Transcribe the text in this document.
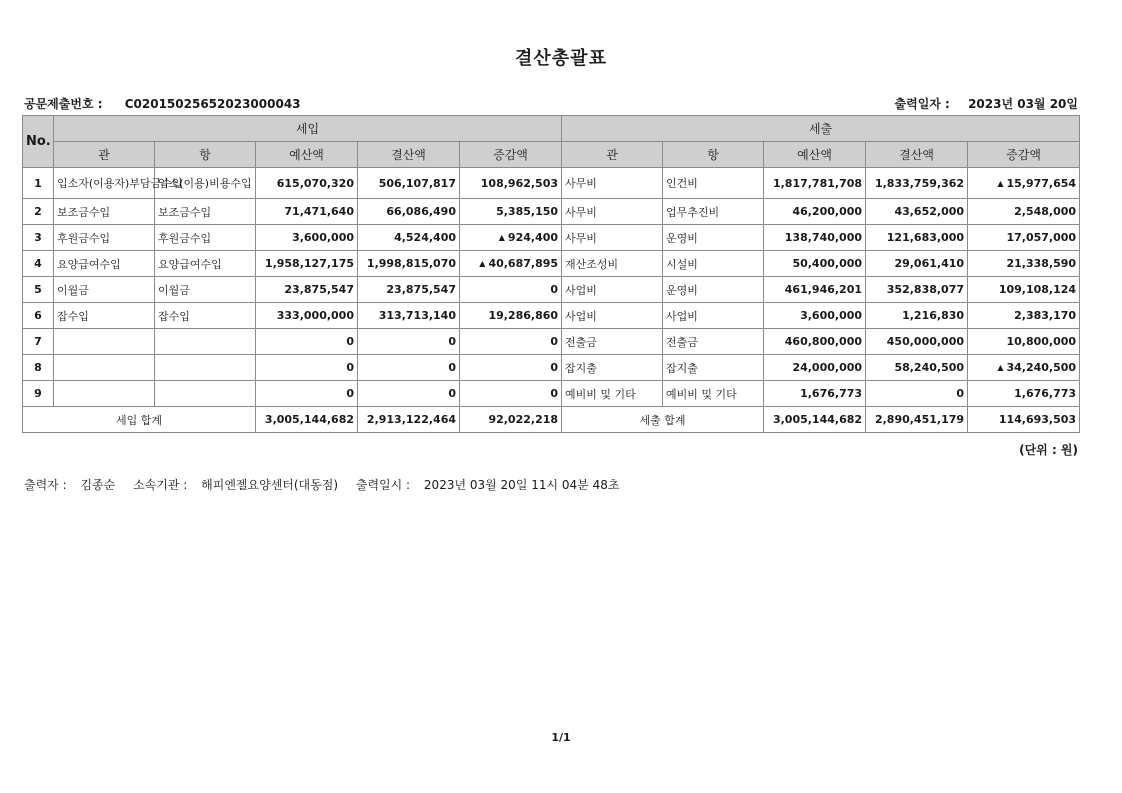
결산총괄표
공문제출번호 : C02015025652023000043	출력일자 : 2023년 03월 20일
No.	세입					세출				
	관	항	예산액	결산액	증감액	관	항	예산액	결산액	증감액
1	입소자(이용자)부담금수입	입소(이용)비용수입	615,070,320	506,107,817	108,962,503	사무비	인건비	1,817,781,708	1,833,759,362	▲ 15,977,654
2	보조금수입	보조금수입	71,471,640	66,086,490	5,385,150	사무비	업무추진비	46,200,000	43,652,000	2,548,000
3	후원금수입	후원금수입	3,600,000	4,524,400	▲ 924,400	사무비	운영비	138,740,000	121,683,000	17,057,000
4	요양급여수입	요양급여수입	1,958,127,175	1,998,815,070	▲ 40,687,895	재산조성비	시설비	50,400,000	29,061,410	21,338,590
5	이월금	이월금	23,875,547	23,875,547	0	사업비	운영비	461,946,201	352,838,077	109,108,124
6	잡수입	잡수입	333,000,000	313,713,140	19,286,860	사업비	사업비	3,600,000	1,216,830	2,383,170
7			0	0	0	전출금	전출금	460,800,000	450,000,000	10,800,000
8			0	0	0	잡지출	잡지출	24,000,000	58,240,500	▲ 34,240,500
9			0	0	0	예비비 및 기타	예비비 및 기타	1,676,773	0	1,676,773
세입 합계			3,005,144,682	2,913,122,464	92,022,218	세출 합계		3,005,144,682	2,890,451,179	114,693,503
(단위 : 원)
출력자 : 김종순 소속기관 : 해피엔젤요양센터(대동점) 출력일시 : 2023년 03월 20일 11시 04분 48초
1/1
